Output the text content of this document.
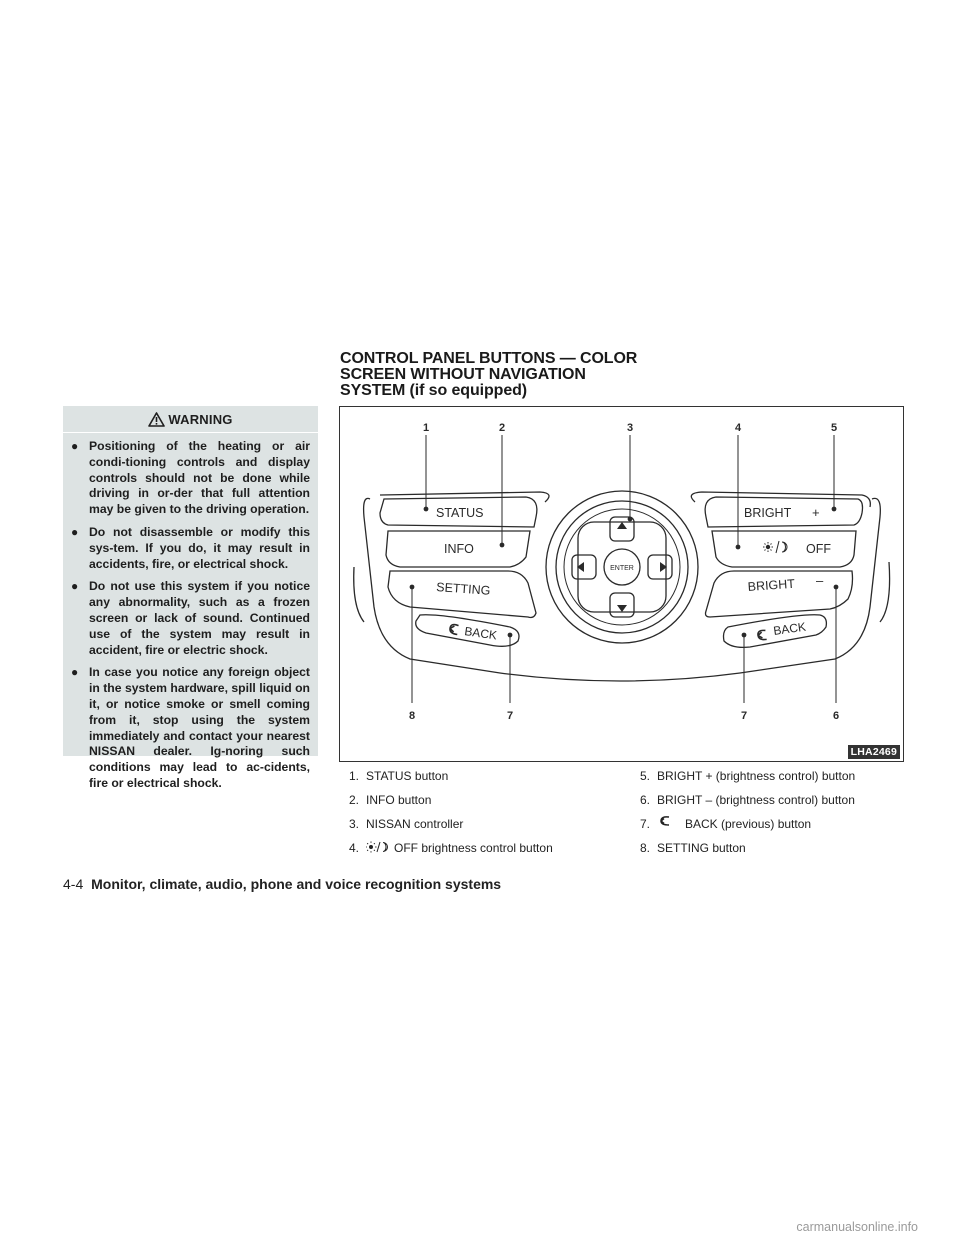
WARNING
● Positioning of the heating or air condi-tioning controls and display controls should not be done while driving in or-der that full attention may be given to the driving operation.
● Do not disassemble or modify this sys-tem. If you do, it may result in accidents, fire, or electrical shock.
● Do not use this system if you notice any abnormality, such as a frozen screen or lack of sound. Continued use of the system may result in accident, fire or electric shock.
● In case you notice any foreign object in the system hardware, spill liquid on it, or notice smoke or smell coming from it, stop using the system immediately and contact your nearest NISSAN dealer. Ig-noring such conditions may lead to ac-cidents, fire or electrical shock.
CONTROL PANEL BUTTONS — COLOR
SCREEN WITHOUT NAVIGATION
SYSTEM (if so equipped)
ENTER
STATUS
INFO
SETTING
BACK
BRIGHT +
OFF
BRIGHT –
BACK
1	2	3	4	5
8	7	7	6
LHA2469
1. STATUS button
2. INFO button
3. NISSAN controller
4.	OFF brightness control button
5. BRIGHT + (brightness control) button
6. BRIGHT – (brightness control) button
7.	BACK (previous) button
8. SETTING button
4-4 Monitor, climate, audio, phone and voice recognition systems
carmanualsonline.info
